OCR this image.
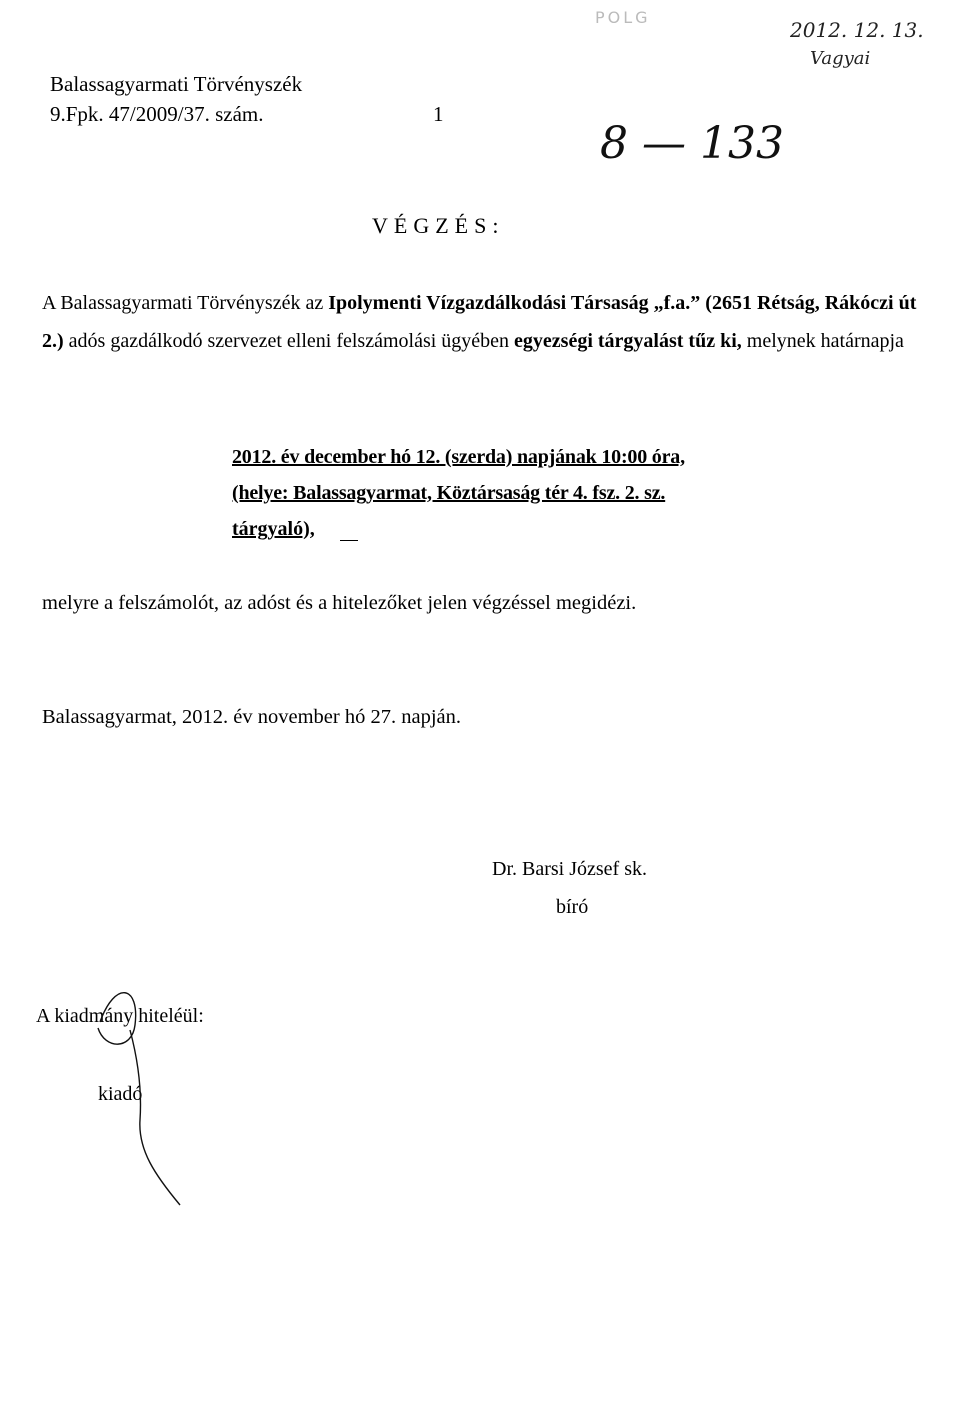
Balassagyarmati Törvényszék
9.Fpk. 47/2009/37. szám.	1
POLG
2012. 12. 13.
Vagyai
8 — 133
VÉGZÉS:
A Balassagyarmati Törvényszék az Ipolymenti Vízgazdálkodási Társaság „f.a.” (2651 Rétság, Rákóczi út 2.) adós gazdálkodó szervezet elleni felszámolási ügyében egyezségi tárgyalást tűz ki, melynek határnapja
2012. év december hó 12. (szerda) napjának 10:00 óra,
(helye: Balassagyarmat, Köztársaság tér 4. fsz. 2. sz.
tárgyaló),
melyre a felszámolót, az adóst és a hitelezőket jelen végzéssel megidézi.
Balassagyarmat, 2012. év november hó 27. napján.
Dr. Barsi József sk.
bíró
A kiadmány hiteléül:
kiadó
